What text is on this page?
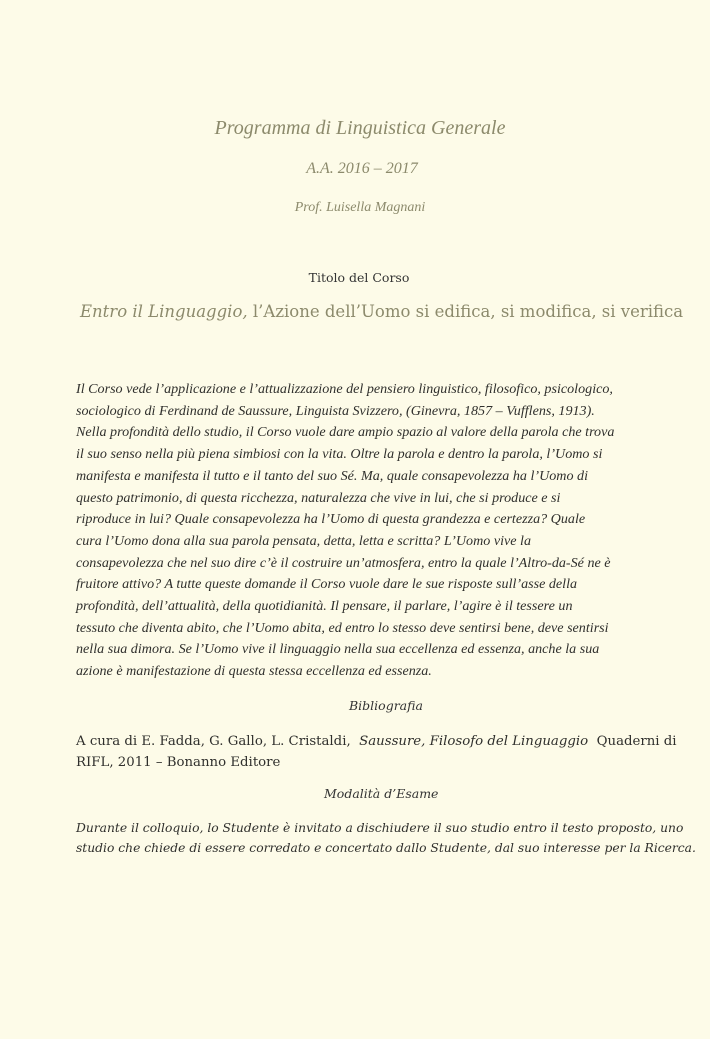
Programma di Linguistica Generale

A.A. 2016 – 2017

Prof. Luisella Magnani

Titolo del Corso

Entro il Linguaggio, l’Azione dell’Uomo si edifica, si modifica, si verifica

Il Corso vede l’applicazione e l’attualizzazione del pensiero linguistico, filosofico, psicologico,
sociologico di Ferdinand de Saussure, Linguista Svizzero, (Ginevra, 1857 – Vufflens, 1913).
Nella profondità dello studio, il Corso vuole dare ampio spazio al valore della parola che trova
il suo senso nella più piena simbiosi con la vita. Oltre la parola e dentro la parola, l’Uomo si
manifesta e manifesta il tutto e il tanto del suo Sé. Ma, quale consapevolezza ha l’Uomo di
questo patrimonio, di questa ricchezza, naturalezza che vive in lui, che si produce e si
riproduce in lui? Quale consapevolezza ha l’Uomo di questa grandezza e certezza? Quale
cura l’Uomo dona alla sua parola pensata, detta, letta e scritta? L’Uomo vive la
consapevolezza che nel suo dire c’è il costruire un’atmosfera, entro la quale l’Altro-da-Sé ne è
fruitore attivo? A tutte queste domande il Corso vuole dare le sue risposte sull’asse della
profondità, dell’attualità, della quotidianità. Il pensare, il parlare, l’agire è il tessere un
tessuto che diventa abito, che l’Uomo abita, ed entro lo stesso deve sentirsi bene, deve sentirsi
nella sua dimora. Se l’Uomo vive il linguaggio nella sua eccellenza ed essenza, anche la sua
azione è manifestazione di questa stessa eccellenza ed essenza.

Bibliografia

A cura di E. Fadda, G. Gallo, L. Cristaldi,  Saussure, Filosofo del Linguaggio  Quaderni di
RIFL, 2011 – Bonanno Editore

Modalità d’Esame

Durante il colloquio, lo Studente è invitato a dischiudere il suo studio entro il testo proposto, uno
studio che chiede di essere corredato e concertato dallo Studente, dal suo interesse per la Ricerca.
